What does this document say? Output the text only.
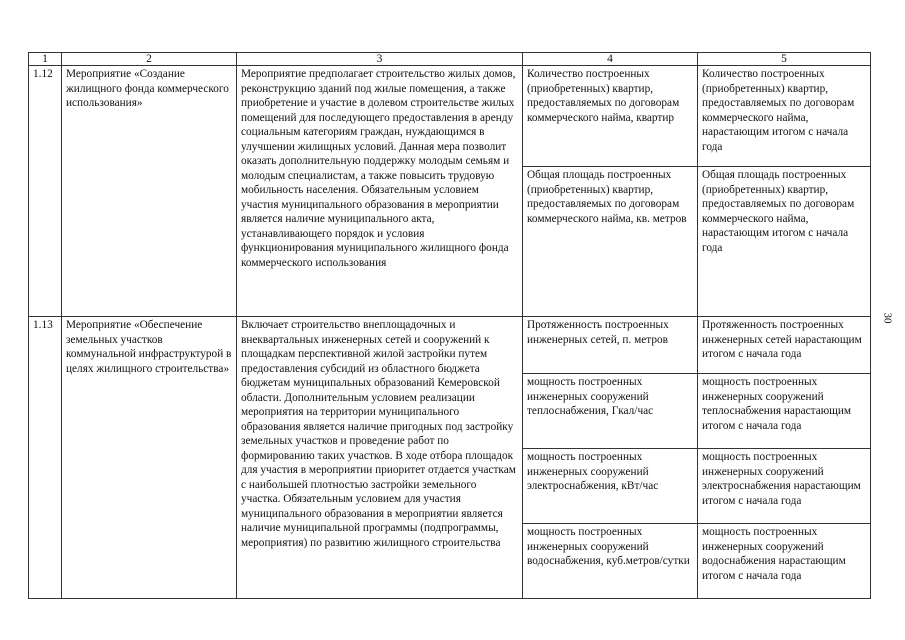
1	2	3	4	5
1.12	Мероприятие «Создание жилищного фонда коммерческого использования»	Мероприятие предполагает строительство жилых домов, реконструкцию зданий под жилые помещения, а также приобретение и участие в долевом строительстве жилых помещений для последующего предоставления в аренду социальным категориям граждан, нуждающимся в улучшении жилищных условий. Данная мера позволит оказать дополнительную поддержку молодым семьям и молодым специалистам, а также повысить трудовую мобильность населения. Обязательным условием участия муниципального образования в мероприятии является наличие муниципального акта, устанавливающего порядок и условия функционирования муниципального жилищного фонда коммерческого использования	Количество построенных (приобретенных) квартир, предоставляемых по договорам коммерческого найма, квартир	Количество построенных (приобретенных) квартир, предоставляемых по договорам коммерческого найма, нарастающим итогом с начала года
			Общая площадь построенных (приобретенных) квартир, предоставляемых по договорам коммерческого найма, кв. метров	Общая площадь построенных (приобретенных) квартир, предоставляемых по договорам коммерческого найма, нарастающим итогом с начала года
1.13	Мероприятие «Обеспечение земельных участков коммунальной инфраструктурой в целях жилищного строительства»	Включает строительство внеплощадочных и внеквартальных инженерных сетей и сооружений к площадкам перспективной жилой застройки путем предоставления субсидий из областного бюджета бюджетам муниципальных образований Кемеровской области. Дополнительным условием реализации мероприятия на территории муниципального образования является наличие пригодных под застройку земельных участков и проведение работ по формированию таких участков. В ходе отбора площадок для участия в мероприятии приоритет отдается участкам с наибольшей плотностью застройки земельного участка. Обязательным условием для участия муниципального образования в мероприятии является наличие муниципальной программы (подпрограммы, мероприятия) по развитию жилищного строительства	Протяженность построенных инженерных сетей, п. метров	Протяженность построенных инженерных сетей нарастающим итогом с начала года
			мощность построенных инженерных сооружений теплоснабжения, Гкал/час	мощность построенных инженерных сооружений теплоснабжения нарастающим итогом с начала года
			мощность построенных инженерных сооружений электроснабжения, кВт/час	мощность построенных инженерных сооружений электроснабжения нарастающим итогом с начала года
			мощность построенных инженерных сооружений водоснабжения, куб.метров/сутки	мощность построенных инженерных сооружений водоснабжения нарастающим итогом с начала года
30
